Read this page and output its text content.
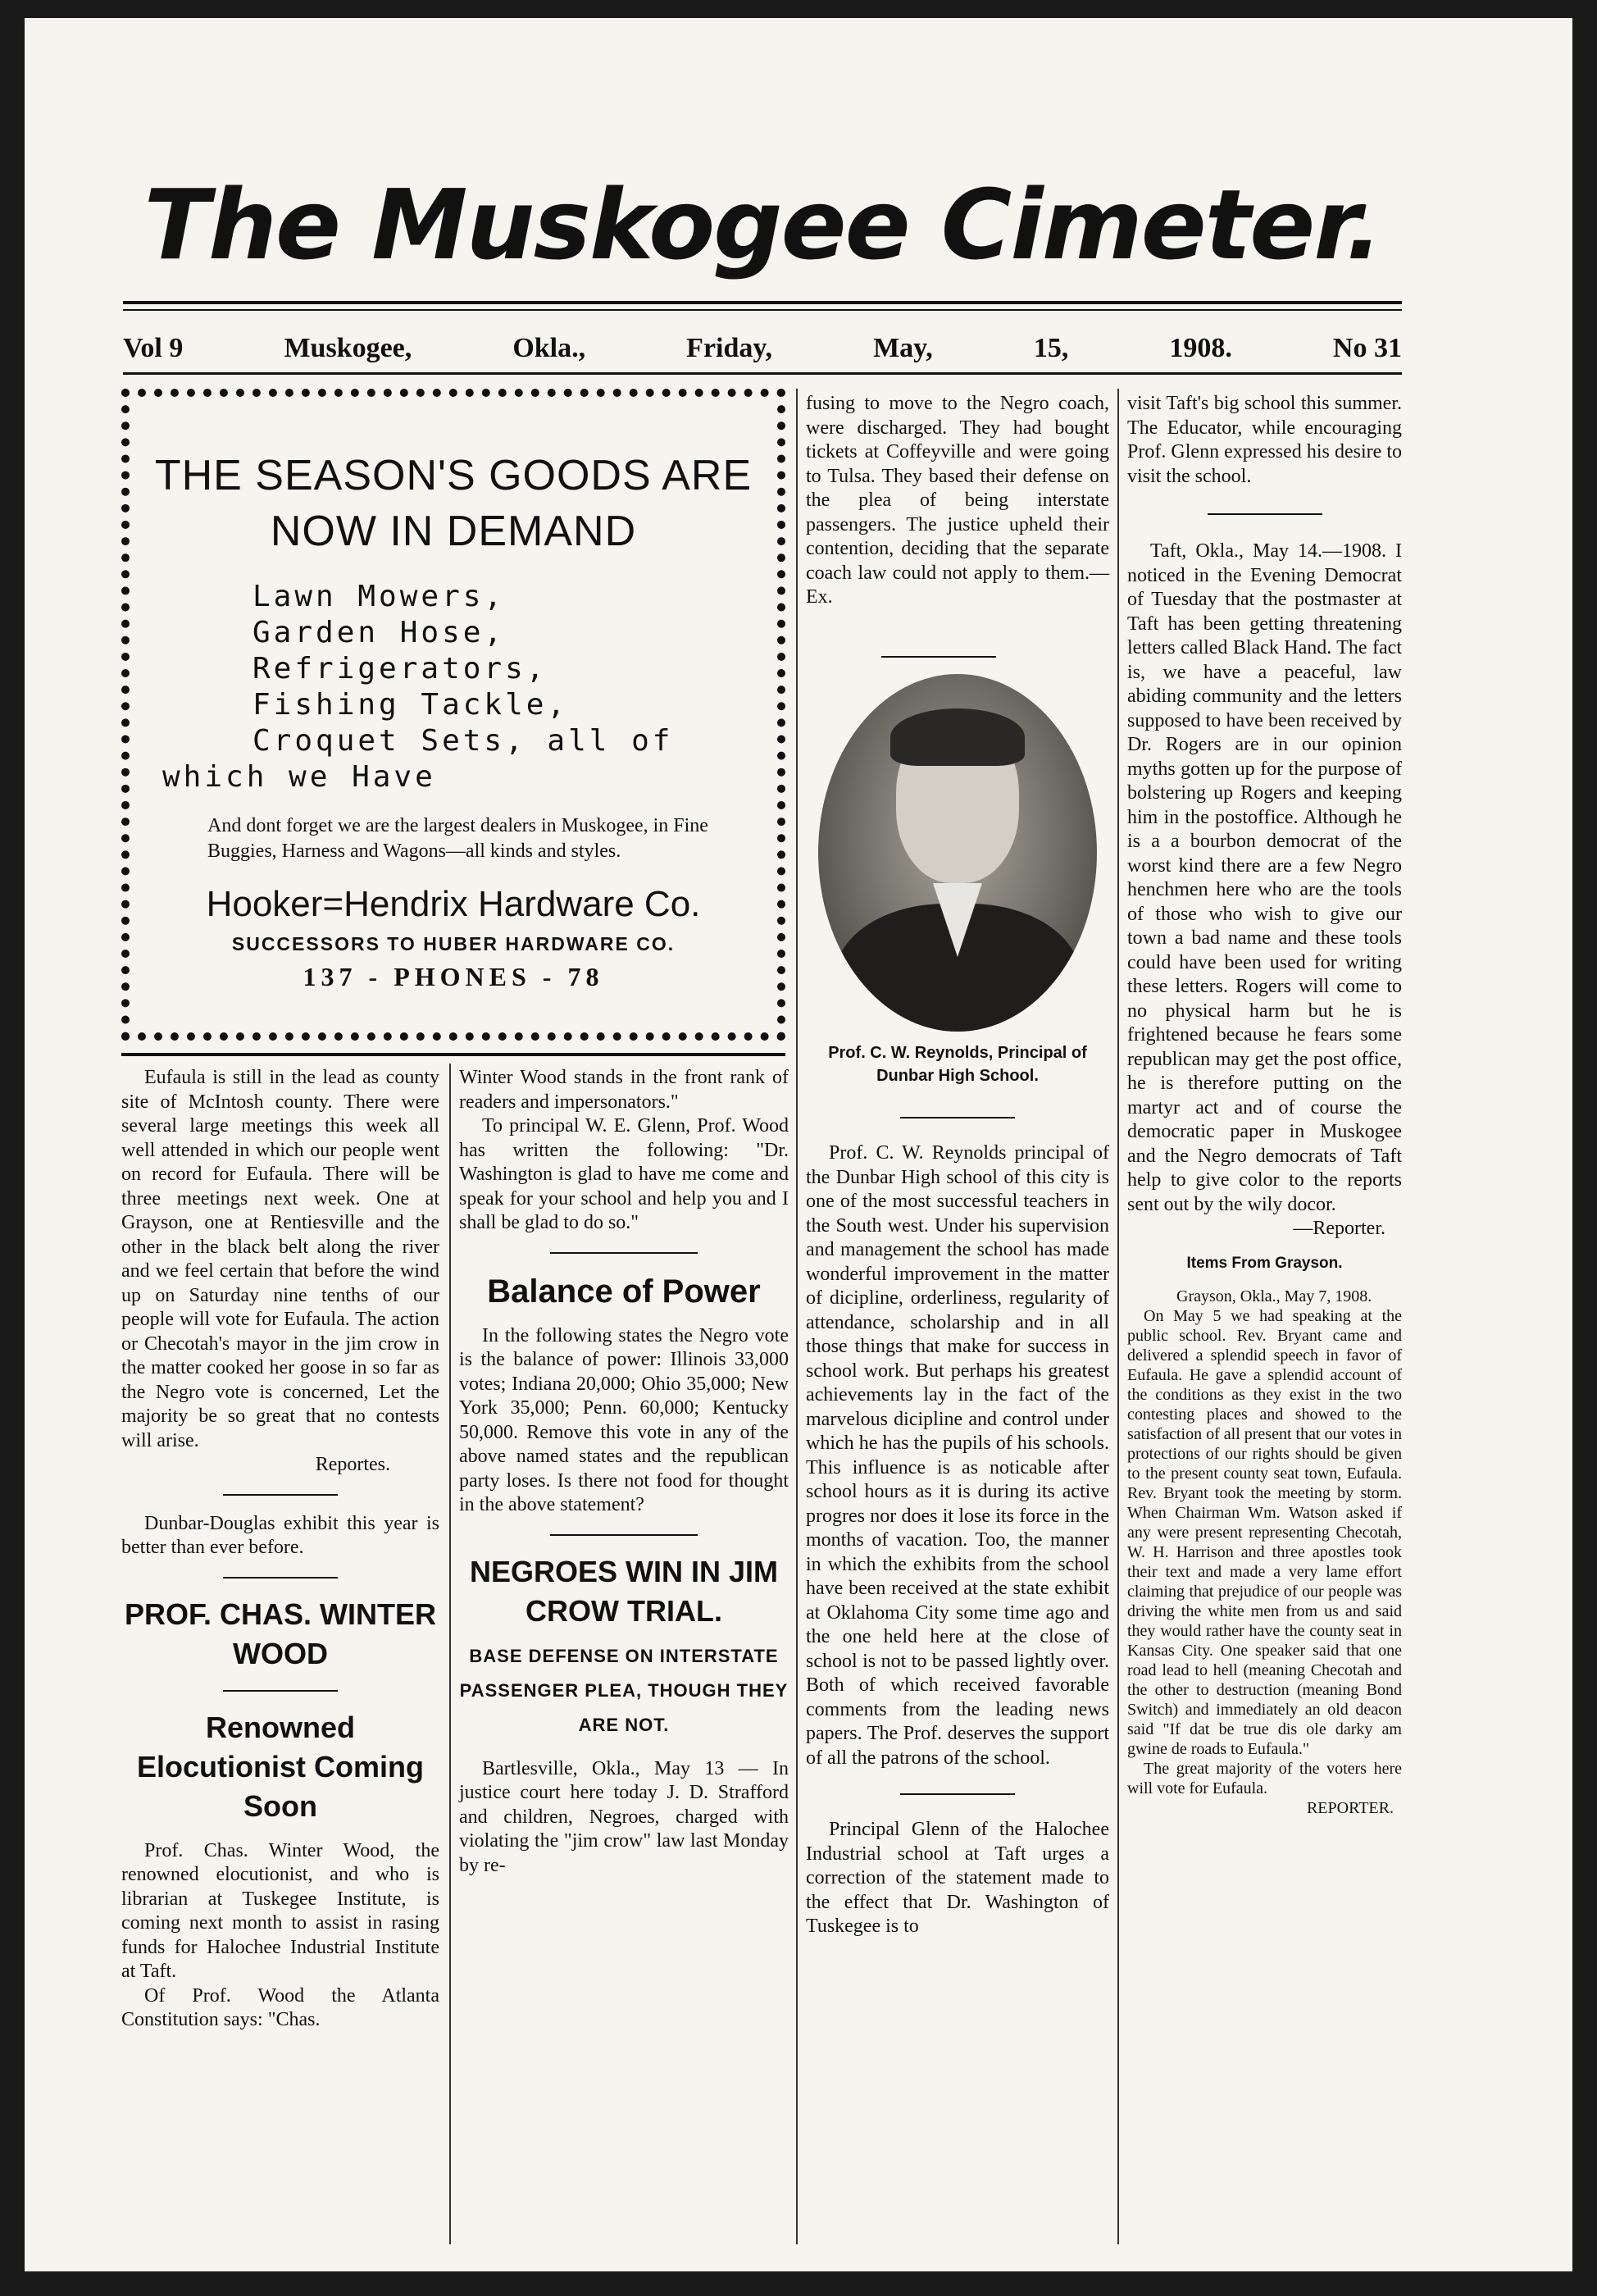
The Muskogee Cimeter.
Vol 9	Muskogee,	Okla.,	Friday,	May,	15,	1908.	No 31
THE SEASON'S GOODS ARE
NOW IN DEMAND
Lawn Mowers,
Garden Hose,
Refrigerators,
Fishing Tackle,
Croquet Sets, all of
which we Have
And dont forget we are the largest dealers in Muskogee, in Fine Buggies, Harness and Wagons—all kinds and styles.
Hooker=Hendrix Hardware Co.
SUCCESSORS TO HUBER HARDWARE CO.
137 - PHONES - 78

Eufaula is still in the lead as county site of McIntosh county. There were several large meetings this week all well attended in which our people went on record for Eufaula. There will be three meetings next week. One at Grayson, one at Rentiesville and the other in the black belt along the river and we feel certain that before the wind up on Saturday nine tenths of our people will vote for Eufaula. The action or Checotah's mayor in the jim crow in the matter cooked her goose in so far as the Negro vote is concerned, Let the majority be so great that no contests will arise.

Reportes.

Dunbar-Douglas exhibit this year is better than ever before.

PROF. CHAS. WINTER WOOD
Renowned Elocutionist Coming Soon

Prof. Chas. Winter Wood, the renowned elocutionist, and who is librarian at Tuskegee Institute, is coming next month to assist in rasing funds for Halochee Industrial Institute at Taft.

Of Prof. Wood the Atlanta Constitution says: "Chas.

Winter Wood stands in the front rank of readers and impersonators."

To principal W. E. Glenn, Prof. Wood has written the following: "Dr. Washington is glad to have me come and speak for your school and help you and I shall be glad to do so."

Balance of Power

In the following states the Negro vote is the balance of power: Illinois 33,000 votes; Indiana 20,000; Ohio 35,000; New York 35,000; Penn. 60,000; Kentucky 50,000. Remove this vote in any of the above named states and the republican party loses. Is there not food for thought in the above statement?

NEGROES WIN IN JIM CROW TRIAL.
BASE DEFENSE ON INTERSTATE PASSENGER PLEA, THOUGH THEY ARE NOT.

Bartlesville, Okla., May 13 — In justice court here today J. D. Strafford and children, Negroes, charged with violating the "jim crow" law last Monday by re-

fusing to move to the Negro coach, were discharged. They had bought tickets at Coffeyville and were going to Tulsa. They based their defense on the plea of being interstate passengers. The justice upheld their contention, deciding that the separate coach law could not apply to them.—Ex.

Prof. C. W. Reynolds, Principal of Dunbar High School.

Prof. C. W. Reynolds principal of the Dunbar High school of this city is one of the most successful teachers in the South west. Under his supervision and management the school has made wonderful improvement in the matter of dicipline, orderliness, regularity of attendance, scholarship and in all those things that make for success in school work. But perhaps his greatest achievements lay in the fact of the marvelous dicipline and control under which he has the pupils of his schools. This influence is as noticable after school hours as it is during its active progres nor does it lose its force in the months of vacation. Too, the manner in which the exhibits from the school have been received at the state exhibit at Oklahoma City some time ago and the one held here at the close of school is not to be passed lightly over. Both of which received favorable comments from the leading news papers. The Prof. deserves the support of all the patrons of the school.

Principal Glenn of the Halochee Industrial school at Taft urges a correction of the statement made to the effect that Dr. Washington of Tuskegee is to

visit Taft's big school this summer. The Educator, while encouraging Prof. Glenn expressed his desire to visit the school.

Taft, Okla., May 14.—1908. I noticed in the Evening Democrat of Tuesday that the postmaster at Taft has been getting threatening letters called Black Hand. The fact is, we have a peaceful, law abiding community and the letters supposed to have been received by Dr. Rogers are in our opinion myths gotten up for the purpose of bolstering up Rogers and keeping him in the postoffice. Although he is a a bourbon democrat of the worst kind there are a few Negro henchmen here who are the tools of those who wish to give our town a bad name and these tools could have been used for writing these letters. Rogers will come to no physical harm but he is frightened because he fears some republican may get the post office, he is therefore putting on the martyr act and of course the democratic paper in Muskogee and the Negro democrats of Taft help to give color to the reports sent out by the wily docor.

—Reporter.

Items From Grayson.

Grayson, Okla., May 7, 1908.

On May 5 we had speaking at the public school. Rev. Bryant came and delivered a splendid speech in favor of Eufaula. He gave a splendid account of the conditions as they exist in the two contesting places and showed to the satisfaction of all present that our votes in protections of our rights should be given to the present county seat town, Eufaula. Rev. Bryant took the meeting by storm. When Chairman Wm. Watson asked if any were present representing Checotah, W. H. Harrison and three apostles took their text and made a very lame effort claiming that prejudice of our people was driving the white men from us and said they would rather have the county seat in Kansas City. One speaker said that one road lead to hell (meaning Checotah and the other to destruction (meaning Bond Switch) and immediately an old deacon said "If dat be true dis ole darky am gwine de roads to Eufaula."

The great majority of the voters here will vote for Eufaula.

REPORTER.
